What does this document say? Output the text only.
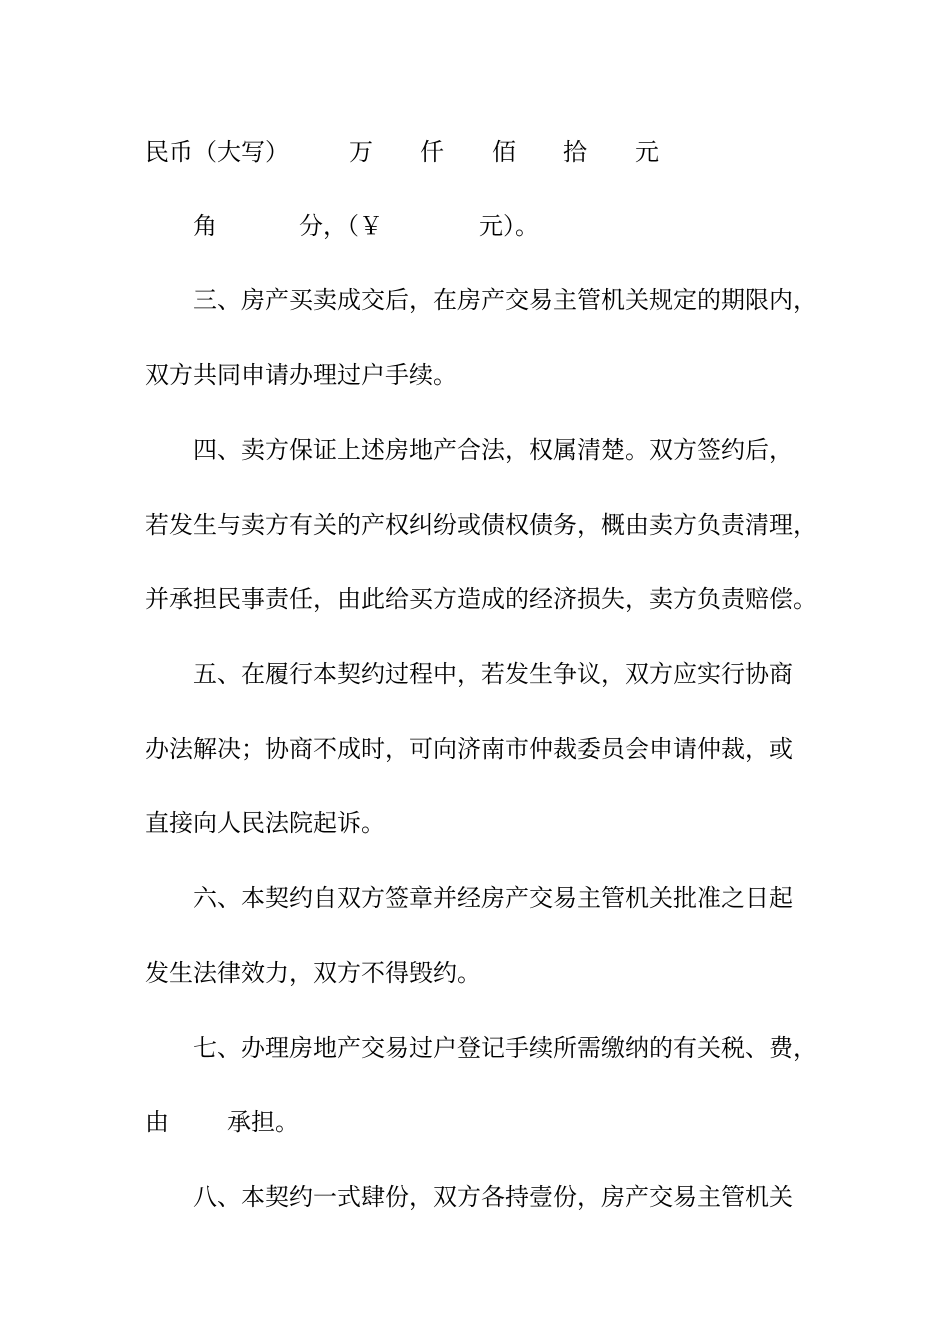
民币（大写）	万 仟 佰 拾 元
角	分，（￥	元）。
三、房产买卖成交后，在房产交易主管机关规定的期限内，
双方共同申请办理过户手续。
四、卖方保证上述房地产合法，权属清楚。双方签约后，
若发生与卖方有关的产权纠纷或债权债务，概由卖方负责清理，
并承担民事责任，由此给买方造成的经济损失，卖方负责赔偿。
五、在履行本契约过程中，若发生争议，双方应实行协商
办法解决；协商不成时，可向济南市仲裁委员会申请仲裁，或
直接向人民法院起诉。
六、本契约自双方签章并经房产交易主管机关批准之日起
发生法律效力，双方不得毁约。
七、办理房地产交易过户登记手续所需缴纳的有关税、费，
由 承担。
八、本契约一式肆份，双方各持壹份，房产交易主管机关
